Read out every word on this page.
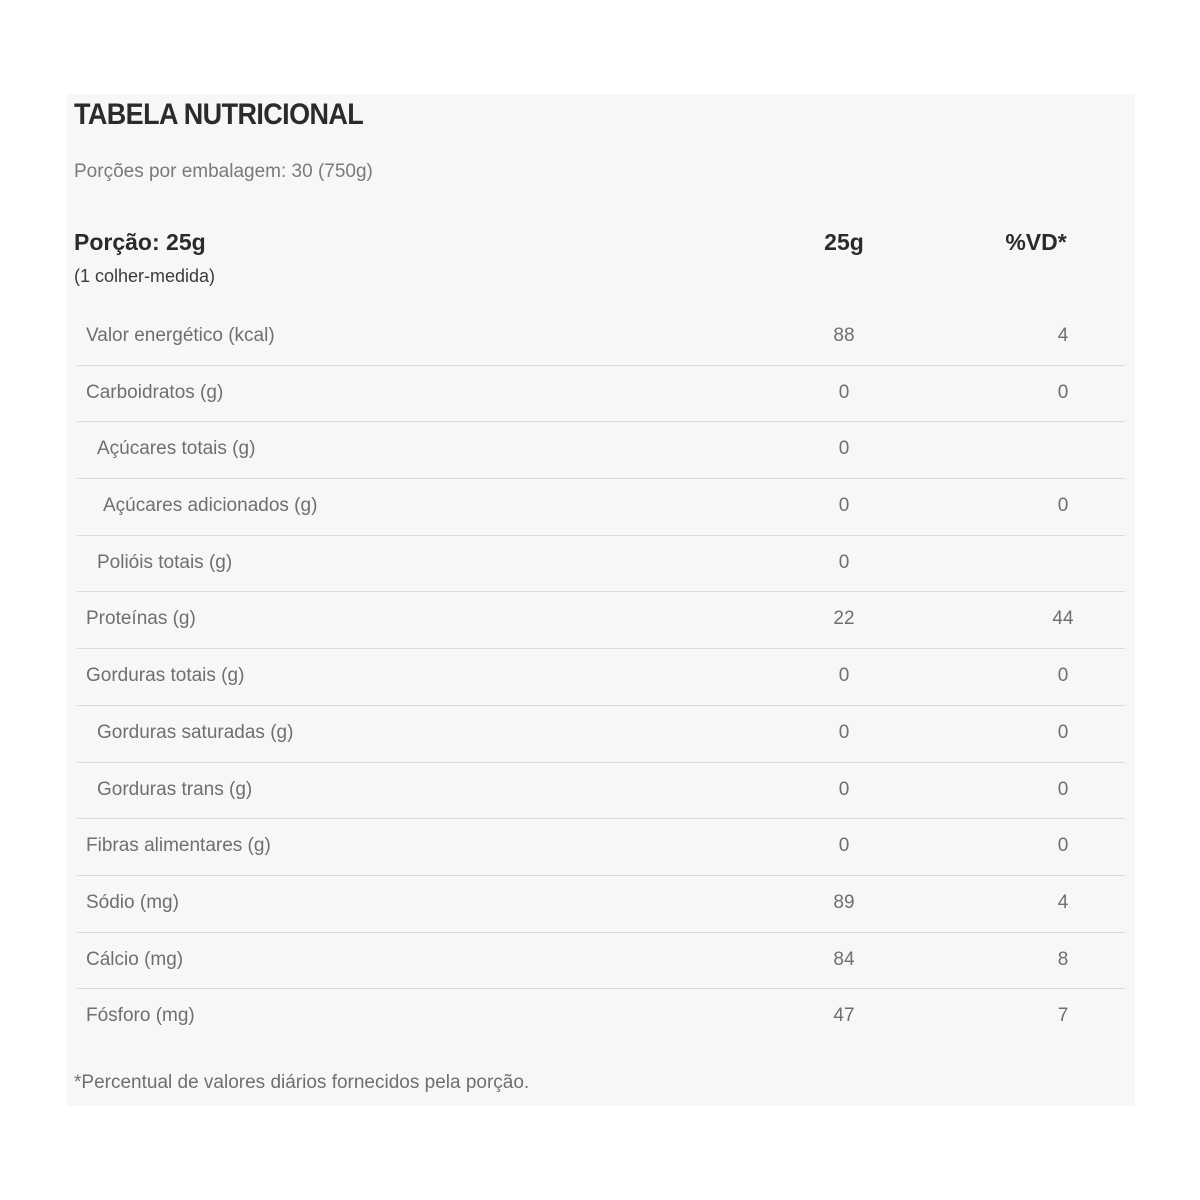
TABELA NUTRICIONAL
Porções por embalagem: 30 (750g)
Porção: 25g
(1 colher-medida)
25g	%VD*
Valor energético (kcal)	88	4
Carboidratos (g)	0	0
Açúcares totais (g)	0
Açúcares adicionados (g)	0	0
Polióis totais (g)	0
Proteínas (g)	22	44
Gorduras totais (g)	0	0
Gorduras saturadas (g)	0	0
Gorduras trans (g)	0	0
Fibras alimentares (g)	0	0
Sódio (mg)	89	4
Cálcio (mg)	84	8
Fósforo (mg)	47	7
*Percentual de valores diários fornecidos pela porção.
